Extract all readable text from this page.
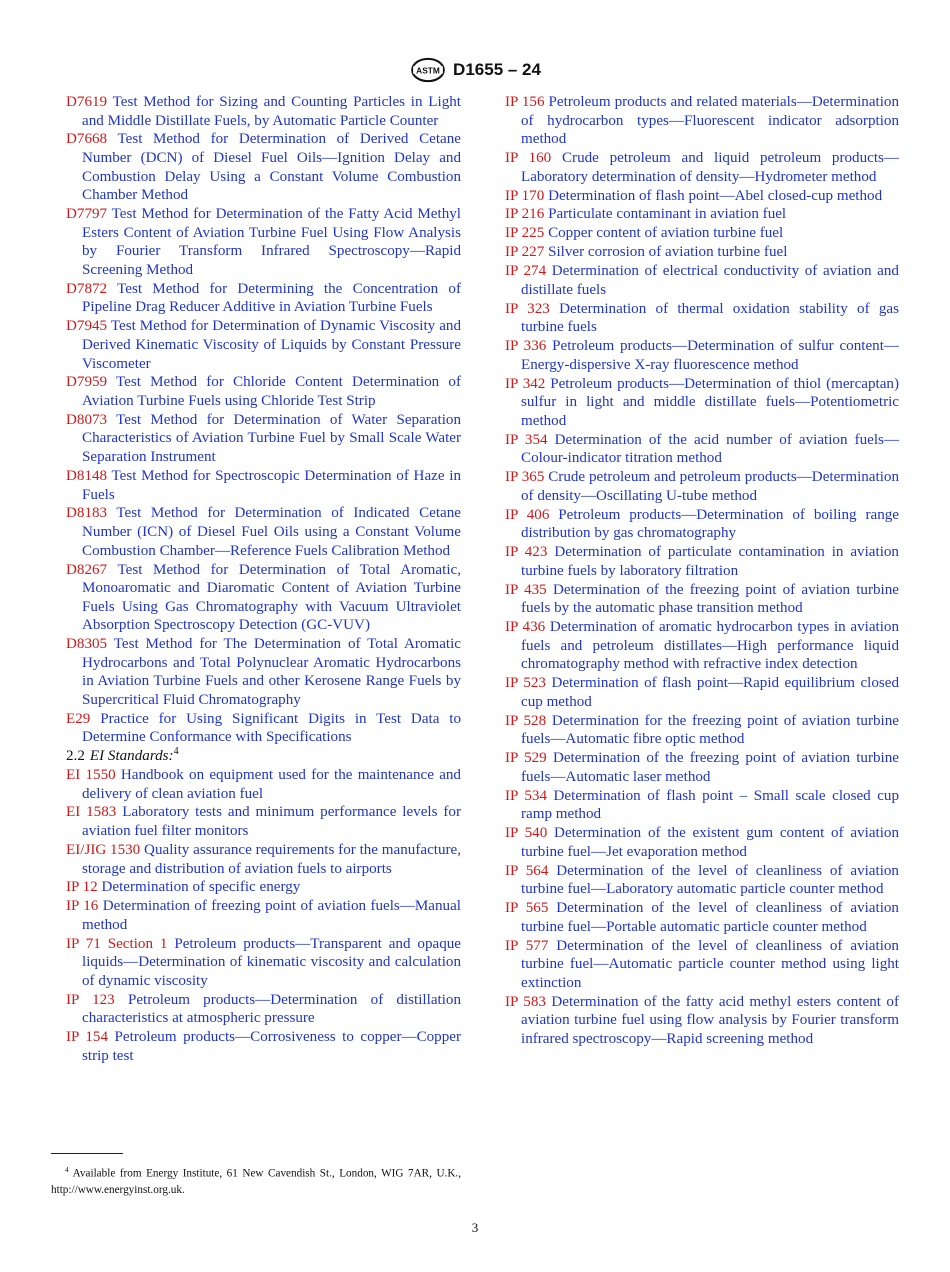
ASTM D1655 – 24

D7619 Test Method for Sizing and Counting Particles in Light and Middle Distillate Fuels, by Automatic Particle Counter

D7668 Test Method for Determination of Derived Cetane Number (DCN) of Diesel Fuel Oils—Ignition Delay and Combustion Delay Using a Constant Volume Combustion Chamber Method

D7797 Test Method for Determination of the Fatty Acid Methyl Esters Content of Aviation Turbine Fuel Using Flow Analysis by Fourier Transform Infrared Spectroscopy—Rapid Screening Method

D7872 Test Method for Determining the Concentration of Pipeline Drag Reducer Additive in Aviation Turbine Fuels

D7945 Test Method for Determination of Dynamic Viscosity and Derived Kinematic Viscosity of Liquids by Constant Pressure Viscometer

D7959 Test Method for Chloride Content Determination of Aviation Turbine Fuels using Chloride Test Strip

D8073 Test Method for Determination of Water Separation Characteristics of Aviation Turbine Fuel by Small Scale Water Separation Instrument

D8148 Test Method for Spectroscopic Determination of Haze in Fuels

D8183 Test Method for Determination of Indicated Cetane Number (ICN) of Diesel Fuel Oils using a Constant Volume Combustion Chamber—Reference Fuels Calibration Method

D8267 Test Method for Determination of Total Aromatic, Monoaromatic and Diaromatic Content of Aviation Turbine Fuels Using Gas Chromatography with Vacuum Ultraviolet Absorption Spectroscopy Detection (GC-VUV)

D8305 Test Method for The Determination of Total Aromatic Hydrocarbons and Total Polynuclear Aromatic Hydrocarbons in Aviation Turbine Fuels and other Kerosene Range Fuels by Supercritical Fluid Chromatography

E29 Practice for Using Significant Digits in Test Data to Determine Conformance with Specifications

2.2 EI Standards:$^4$

EI 1550 Handbook on equipment used for the maintenance and delivery of clean aviation fuel

EI 1583 Laboratory tests and minimum performance levels for aviation fuel filter monitors

EI/JIG 1530 Quality assurance requirements for the manufacture, storage and distribution of aviation fuels to airports

IP 12 Determination of specific energy

IP 16 Determination of freezing point of aviation fuels—Manual method

IP 71 Section 1 Petroleum products—Transparent and opaque liquids—Determination of kinematic viscosity and calculation of dynamic viscosity

IP 123 Petroleum products—Determination of distillation characteristics at atmospheric pressure

IP 154 Petroleum products—Corrosiveness to copper—Copper strip test

IP 156 Petroleum products and related materials—Determination of hydrocarbon types—Fluorescent indicator adsorption method

IP 160 Crude petroleum and liquid petroleum products—Laboratory determination of density—Hydrometer method

IP 170 Determination of flash point—Abel closed-cup method

IP 216 Particulate contaminant in aviation fuel

IP 225 Copper content of aviation turbine fuel

IP 227 Silver corrosion of aviation turbine fuel

IP 274 Determination of electrical conductivity of aviation and distillate fuels

IP 323 Determination of thermal oxidation stability of gas turbine fuels

IP 336 Petroleum products—Determination of sulfur content—Energy-dispersive X-ray fluorescence method

IP 342 Petroleum products—Determination of thiol (mercaptan) sulfur in light and middle distillate fuels—Potentiometric method

IP 354 Determination of the acid number of aviation fuels—Colour-indicator titration method

IP 365 Crude petroleum and petroleum products—Determination of density—Oscillating U-tube method

IP 406 Petroleum products—Determination of boiling range distribution by gas chromatography

IP 423 Determination of particulate contamination in aviation turbine fuels by laboratory filtration

IP 435 Determination of the freezing point of aviation turbine fuels by the automatic phase transition method

IP 436 Determination of aromatic hydrocarbon types in aviation fuels and petroleum distillates—High performance liquid chromatography method with refractive index detection

IP 523 Determination of flash point—Rapid equilibrium closed cup method

IP 528 Determination for the freezing point of aviation turbine fuels—Automatic fibre optic method

IP 529 Determination of the freezing point of aviation turbine fuels—Automatic laser method

IP 534 Determination of flash point – Small scale closed cup ramp method

IP 540 Determination of the existent gum content of aviation turbine fuel—Jet evaporation method

IP 564 Determination of the level of cleanliness of aviation turbine fuel—Laboratory automatic particle counter method

IP 565 Determination of the level of cleanliness of aviation turbine fuel—Portable automatic particle counter method

IP 577 Determination of the level of cleanliness of aviation turbine fuel—Automatic particle counter method using light extinction

IP 583 Determination of the fatty acid methyl esters content of aviation turbine fuel using flow analysis by Fourier transform infrared spectroscopy—Rapid screening method

$^4$ Available from Energy Institute, 61 New Cavendish St., London, WIG 7AR, U.K., http://www.energyinst.org.uk.
3
